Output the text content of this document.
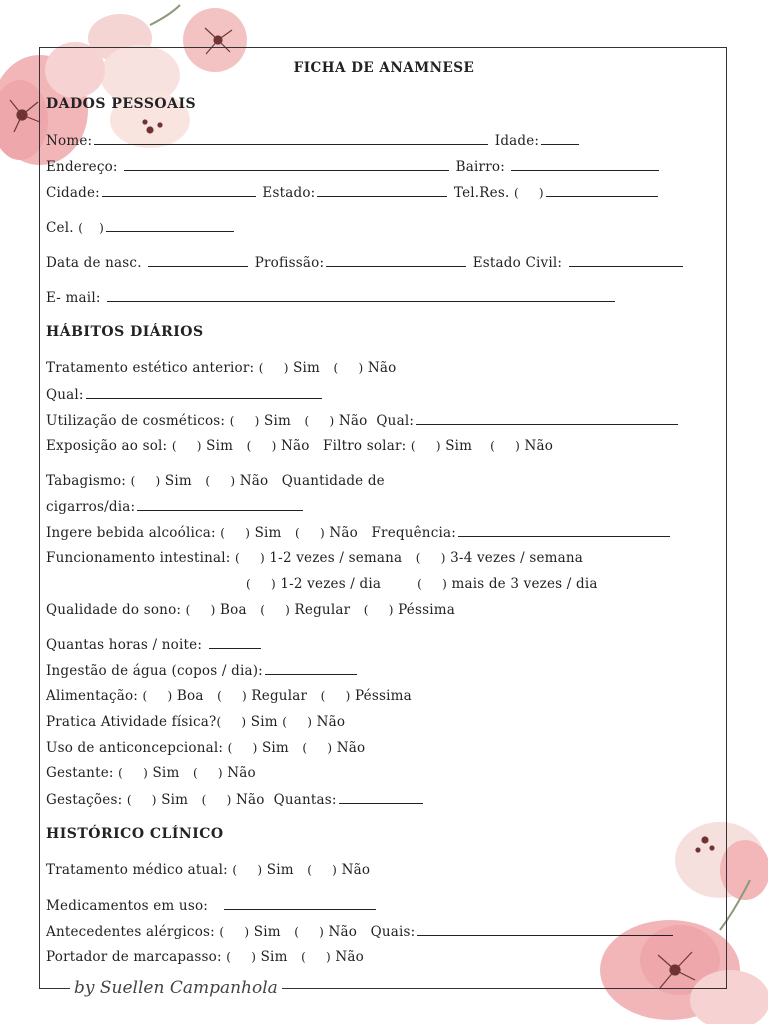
FICHA DE ANAMNESE
DADOS PESSOAIS
Nome:	Idade:
Endereço:	Bairro:
Cidade:	Estado:	Tel.Res. (     )
Cel. (    )
Data de nasc.	Profissão:	Estado Civil:
E- mail:
HÁBITOS DIÁRIOS
Tratamento estético anterior: (     ) Sim (     ) Não
Qual:
Utilização de cosméticos: (     ) Sim (     ) Não Qual:
Exposição ao sol: (     ) Sim (     ) Não Filtro solar: (     ) Sim (     ) Não
Tabagismo: (     ) Sim (     ) Não Quantidade de
cigarros/dia:
Ingere bebida alcoólica: (     ) Sim (     ) Não Frequência:
Funcionamento intestinal: (     ) 1-2 vezes / semana (     ) 3-4 vezes / semana
(     ) 1-2 vezes / dia	(     ) mais de 3 vezes / dia
Qualidade do sono: (     ) Boa (     ) Regular (     ) Péssima
Quantas horas / noite:
Ingestão de água (copos / dia):
Alimentação: (     ) Boa (     ) Regular (     ) Péssima
Pratica Atividade física?(     ) Sim (     ) Não
Uso de anticoncepcional: (     ) Sim (     ) Não
Gestante: (     ) Sim (     ) Não
Gestações: (     ) Sim (     ) Não Quantas:
HISTÓRICO CLÍNICO
Tratamento médico atual: (     ) Sim (     ) Não
Medicamentos em uso:
Antecedentes alérgicos: (     ) Sim (     ) Não Quais:
Portador de marcapasso: (     ) Sim (     ) Não
by Suellen Campanhola
